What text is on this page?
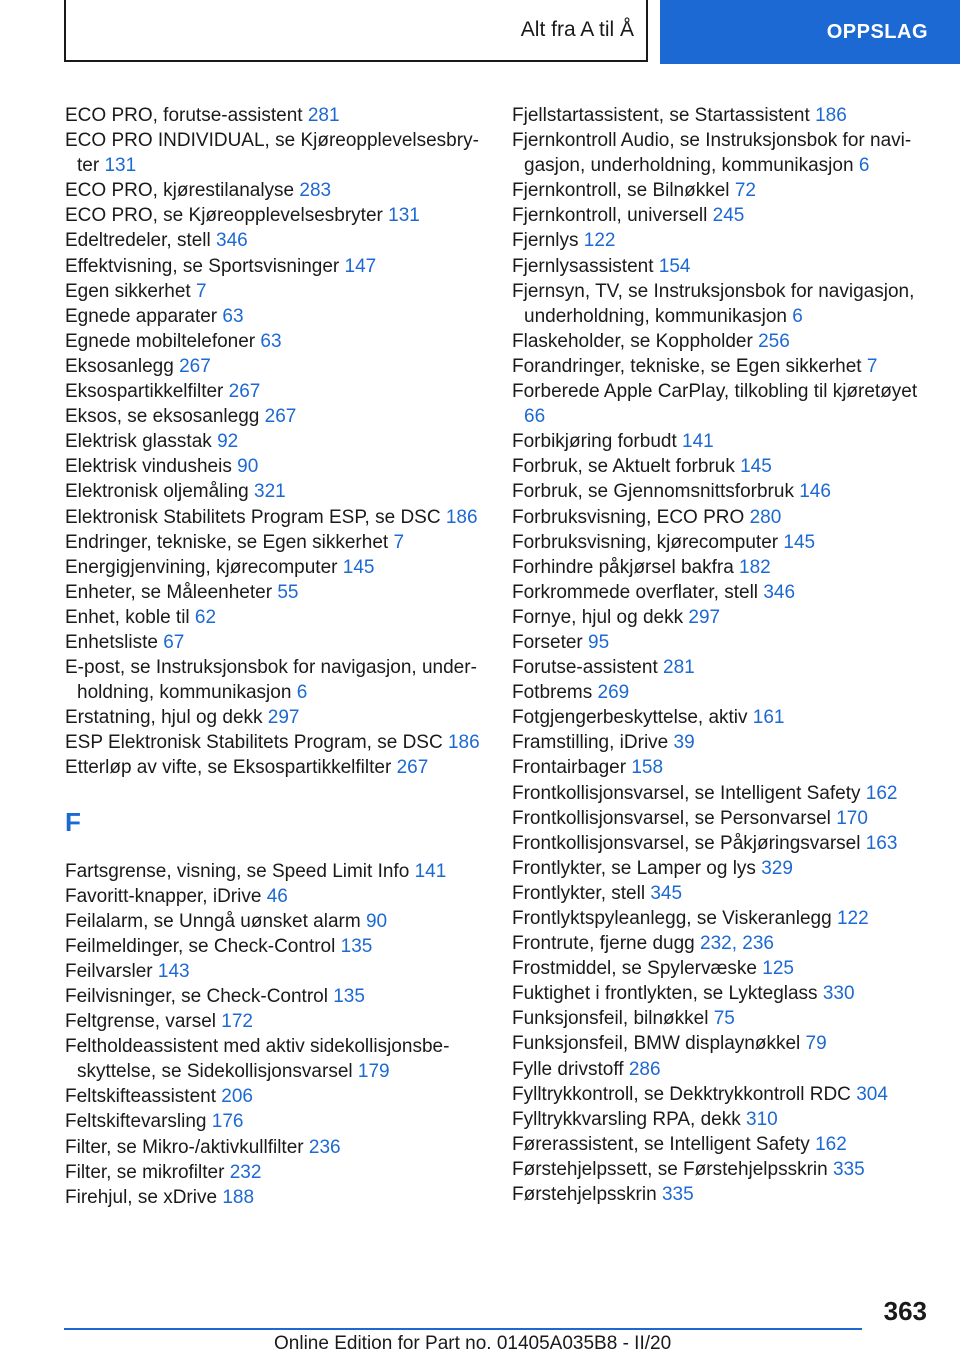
Alt fra A til Å	OPPSLAG
ECO PRO, forutse-assistent 281
ECO PRO INDIVIDUAL, se Kjøreopplevelsesbryter 131
ECO PRO, kjørestilanalyse 283
ECO PRO, se Kjøreopplevelsesbryter 131
Edeltredeler, stell 346
Effektvisning, se Sportsvisninger 147
Egen sikkerhet 7
Egnede apparater 63
Egnede mobiltelefoner 63
Eksosanlegg 267
Eksospartikkelfilter 267
Eksos, se eksosanlegg 267
Elektrisk glasstak 92
Elektrisk vindusheis 90
Elektronisk oljemåling 321
Elektronisk Stabilitets Program ESP, se DSC 186
Endringer, tekniske, se Egen sikkerhet 7
Energigjenvining, kjørecomputer 145
Enheter, se Måleenheter 55
Enhet, koble til 62
Enhetsliste 67
E-post, se Instruksjonsbok for navigasjon, underholdning, kommunikasjon 6
Erstatning, hjul og dekk 297
ESP Elektronisk Stabilitets Program, se DSC 186
Etterløp av vifte, se Eksospartikkelfilter 267
F
Fartsgrense, visning, se Speed Limit Info 141
Favoritt-knapper, iDrive 46
Feilalarm, se Unngå uønsket alarm 90
Feilmeldinger, se Check-Control 135
Feilvarsler 143
Feilvisninger, se Check-Control 135
Feltgrense, varsel 172
Feltholdeassistent med aktiv sidekollisjonsbeskyttelse, se Sidekollisjonsvarsel 179
Feltskifteassistent 206
Feltskiftevarsling 176
Filter, se Mikro-/aktivkullfilter 236
Filter, se mikrofilter 232
Firehjul, se xDrive 188
Fjellstartassistent, se Startassistent 186
Fjernkontroll Audio, se Instruksjonsbok for navigasjon, underholdning, kommunikasjon 6
Fjernkontroll, se Bilnøkkel 72
Fjernkontroll, universell 245
Fjernlys 122
Fjernlysassistent 154
Fjernsyn, TV, se Instruksjonsbok for navigasjon, underholdning, kommunikasjon 6
Flaskeholder, se Koppholder 256
Forandringer, tekniske, se Egen sikkerhet 7
Forberede Apple CarPlay, tilkobling til kjøretøyet 66
Forbikjøring forbudt 141
Forbruk, se Aktuelt forbruk 145
Forbruk, se Gjennomsnittsforbruk 146
Forbruksvisning, ECO PRO 280
Forbruksvisning, kjørecomputer 145
Forhindre påkjørsel bakfra 182
Forkrommede overflater, stell 346
Fornye, hjul og dekk 297
Forseter 95
Forutse-assistent 281
Fotbrems 269
Fotgjengerbeskyttelse, aktiv 161
Framstilling, iDrive 39
Frontairbager 158
Frontkollisjonsvarsel, se Intelligent Safety 162
Frontkollisjonsvarsel, se Personvarsel 170
Frontkollisjonsvarsel, se Påkjøringsvarsel 163
Frontlykter, se Lamper og lys 329
Frontlykter, stell 345
Frontlyktspyleanlegg, se Viskeranlegg 122
Frontrute, fjerne dugg 232, 236
Frostmiddel, se Spylervæske 125
Fuktighet i frontlykten, se Lykteglass 330
Funksjonsfeil, bilnøkkel 75
Funksjonsfeil, BMW displaynøkkel 79
Fylle drivstoff 286
Fylltrykkontroll, se Dekktrykkontroll RDC 304
Fylltrykkvarsling RPA, dekk 310
Førerassistent, se Intelligent Safety 162
Førstehjelpssett, se Førstehjelpsskrin 335
Førstehjelpsskrin 335
363
Online Edition for Part no. 01405A035B8 - II/20
